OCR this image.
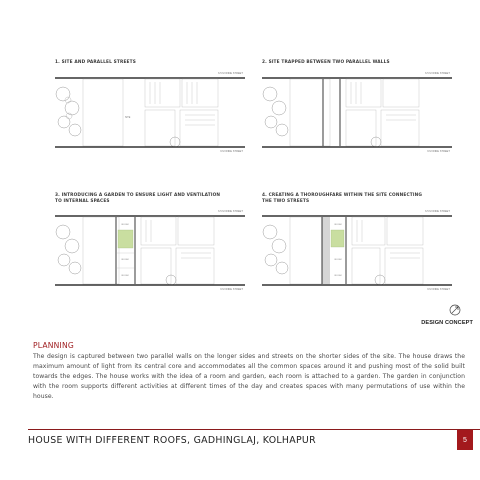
1. SITE AND PARALLEL STREETS
6.5 M WIDE STREET
SITE
9 M WIDE STREET
2. SITE TRAPPED BETWEEN TWO PARALLEL WALLS
6.5 M WIDE STREET
9 M WIDE STREET
3. INTRODUCING A GARDEN TO ENSURE LIGHT AND VENTILATION
TO INTERNAL SPACES
6.5 M WIDE STREET
ROOM
ROOM
ROOM
9 M WIDE STREET
4. CREATING A THOROUGHFARE WITHIN THE SITE CONNECTING
THE TWO STREETS
6.5 M WIDE STREET
ROOM
ROOM
ROOM
9 M WIDE STREET
DESIGN CONCEPT
PLANNING

The design is captured between two parallel walls on the longer sides and streets on the shorter sides of the site. The house draws the maximum amount of light from its central core and accommodates all the common spaces around it and pushing most of the solid built towards the edges. The house works with the idea of a room and garden, each room is attached to a garden. The garden in conjunction with the room supports different activities at different times of the day and creates spaces with many permutations of use within the house.

HOUSE WITH DIFFERENT ROOFS, GADHINGLAJ, KOLHAPUR	5
